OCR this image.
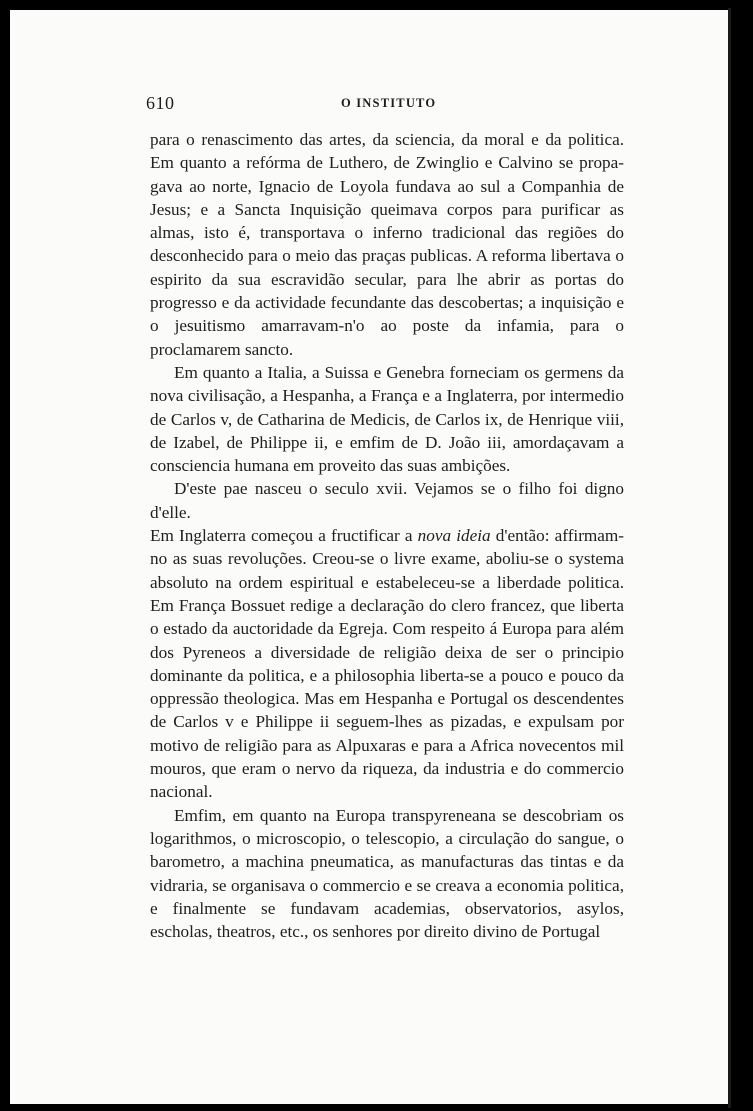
610	O INSTITUTO

para o renascimento das artes, da sciencia, da moral e da politica. Em quanto a refórma de Luthero, de Zwinglio e Calvino se propagava ao norte, Ignacio de Loyola fundava ao sul a Companhia de Jesus; e a Sancta Inquisição queimava corpos para purificar as almas, isto é, transportava o inferno tradicional das regiões do desconhecido para o meio das praças publicas. A reforma libertava o espirito da sua escravidão secular, para lhe abrir as portas do progresso e da actividade fecundante das descobertas; a inquisição e o jesuitismo amarravam-n'o ao poste da infamia, para o proclamarem sancto.

Em quanto a Italia, a Suissa e Genebra forneciam os germens da nova civilisação, a Hespanha, a França e a Inglaterra, por intermedio de Carlos v, de Catharina de Medicis, de Carlos ix, de Henrique viii, de Izabel, de Philippe ii, e emfim de D. João iii, amordaçavam a consciencia humana em proveito das suas ambições.

D'este pae nasceu o seculo xvii. Vejamos se o filho foi digno d'elle.

Em Inglaterra começou a fructificar a nova ideia d'então: affirmam-no as suas revoluções. Creou-se o livre exame, aboliu-se o systema absoluto na ordem espiritual e estabeleceu-se a liberdade politica. Em França Bossuet redige a declaração do clero francez, que liberta o estado da auctoridade da Egreja. Com respeito á Europa para além dos Pyreneos a diversidade de religião deixa de ser o principio dominante da politica, e a philosophia liberta-se a pouco e pouco da oppressão theologica. Mas em Hespanha e Portugal os descendentes de Carlos v e Philippe ii seguem-lhes as pizadas, e expulsam por motivo de religião para as Alpuxaras e para a Africa novecentos mil mouros, que eram o nervo da riqueza, da industria e do commercio nacional.

Emfim, em quanto na Europa transpyreneana se descobriam os logarithmos, o microscopio, o telescopio, a circulação do sangue, o barometro, a machina pneumatica, as manufacturas das tintas e da vidraria, se organisava o commercio e se creava a economia politica, e finalmente se fundavam academias, observatorios, asylos, escholas, theatros, etc., os senhores por direito divino de Portugal
